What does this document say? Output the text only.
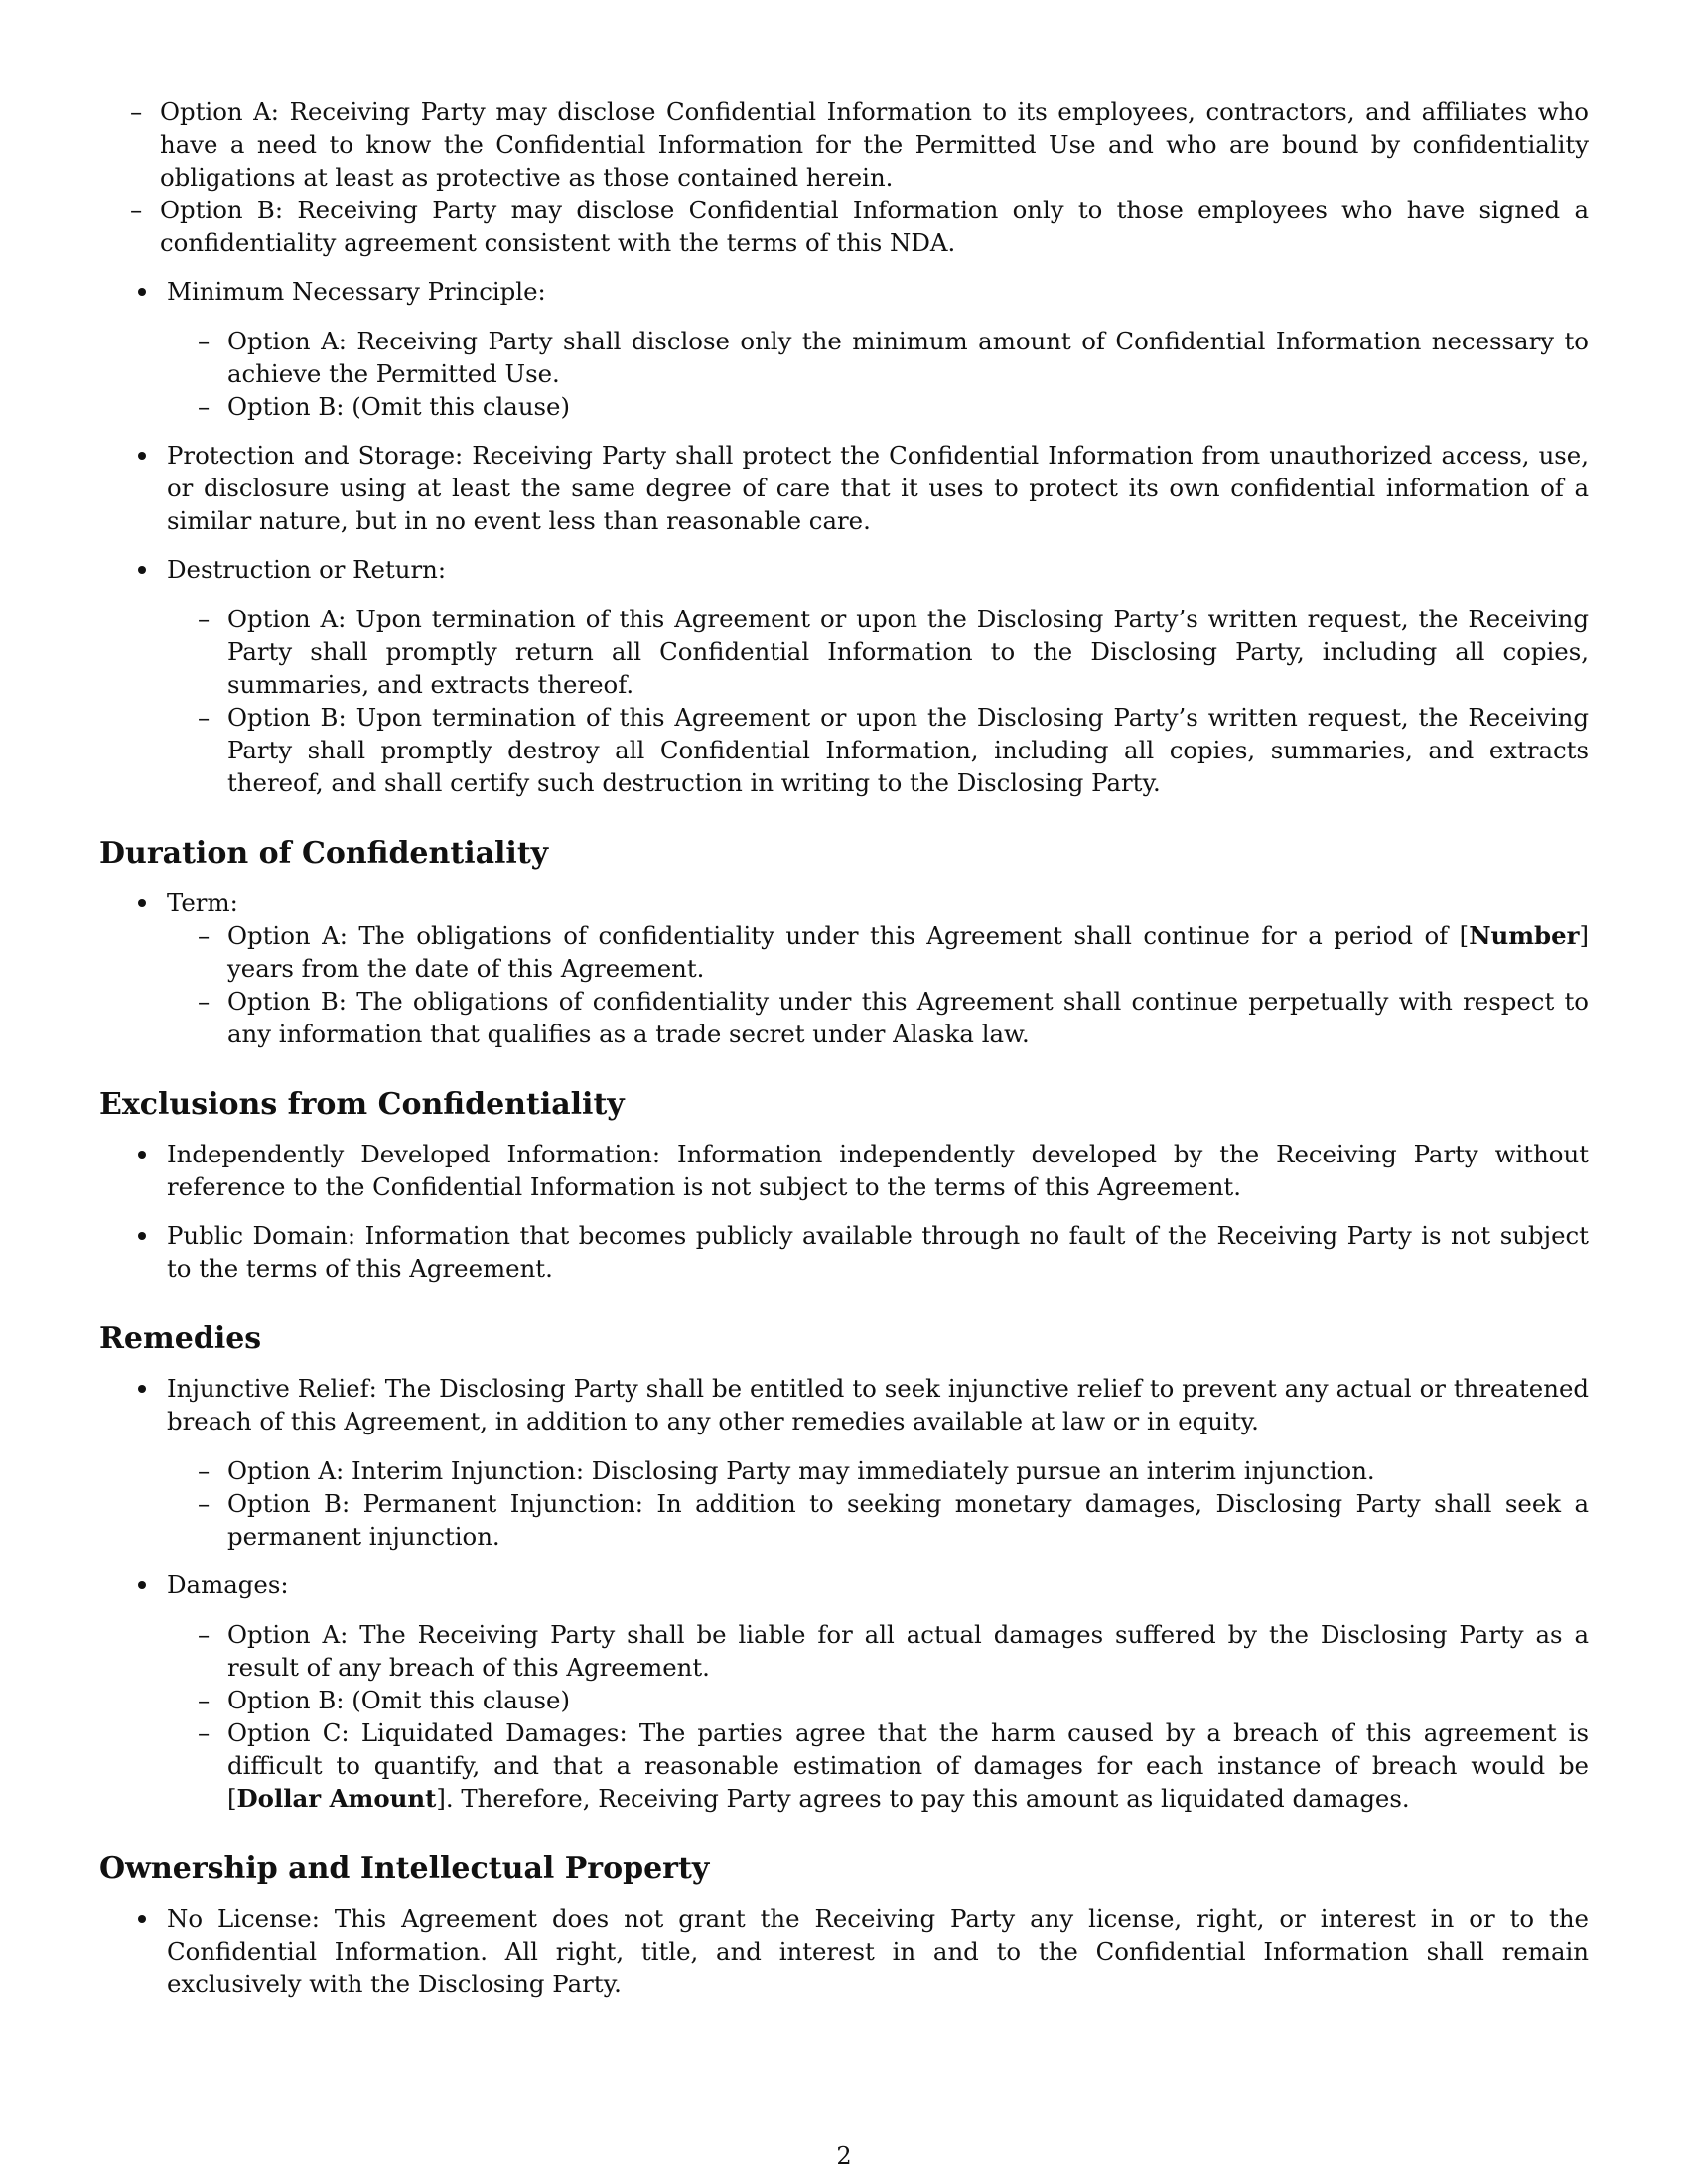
– Option A: Receiving Party may disclose Confidential Information to its employees, contractors, and affiliates who have a need to know the Confidential Information for the Permitted Use and who are bound by confidentiality obligations at least as protective as those contained herein.
– Option B: Receiving Party may disclose Confidential Information only to those employees who have signed a confidentiality agreement consistent with the terms of this NDA.
Minimum Necessary Principle:
– Option A: Receiving Party shall disclose only the minimum amount of Confidential Information necessary to achieve the Permitted Use.
– Option B: (Omit this clause)
Protection and Storage: Receiving Party shall protect the Confidential Information from unauthorized access, use, or disclosure using at least the same degree of care that it uses to protect its own confidential information of a similar nature, but in no event less than reasonable care.
Destruction or Return:
– Option A: Upon termination of this Agreement or upon the Disclosing Party’s written request, the Receiving Party shall promptly return all Confidential Information to the Disclosing Party, including all copies, summaries, and extracts thereof.
– Option B: Upon termination of this Agreement or upon the Disclosing Party’s written request, the Receiving Party shall promptly destroy all Confidential Information, including all copies, summaries, and extracts thereof, and shall certify such destruction in writing to the Disclosing Party.
Duration of Confidentiality
Term:
– Option A: The obligations of confidentiality under this Agreement shall continue for a period of [Number] years from the date of this Agreement.
– Option B: The obligations of confidentiality under this Agreement shall continue perpetually with respect to any information that qualifies as a trade secret under Alaska law.
Exclusions from Confidentiality
Independently Developed Information: Information independently developed by the Receiving Party without reference to the Confidential Information is not subject to the terms of this Agreement.
Public Domain: Information that becomes publicly available through no fault of the Receiving Party is not subject to the terms of this Agreement.
Remedies
Injunctive Relief: The Disclosing Party shall be entitled to seek injunctive relief to prevent any actual or threatened breach of this Agreement, in addition to any other remedies available at law or in equity.
– Option A: Interim Injunction: Disclosing Party may immediately pursue an interim injunction.
– Option B: Permanent Injunction: In addition to seeking monetary damages, Disclosing Party shall seek a permanent injunction.
Damages:
– Option A: The Receiving Party shall be liable for all actual damages suffered by the Disclosing Party as a result of any breach of this Agreement.
– Option B: (Omit this clause)
– Option C: Liquidated Damages: The parties agree that the harm caused by a breach of this agreement is difficult to quantify, and that a reasonable estimation of damages for each instance of breach would be [Dollar Amount]. Therefore, Receiving Party agrees to pay this amount as liquidated damages.
Ownership and Intellectual Property
No License: This Agreement does not grant the Receiving Party any license, right, or interest in or to the Confidential Information. All right, title, and interest in and to the Confidential Information shall remain exclusively with the Disclosing Party.
2
